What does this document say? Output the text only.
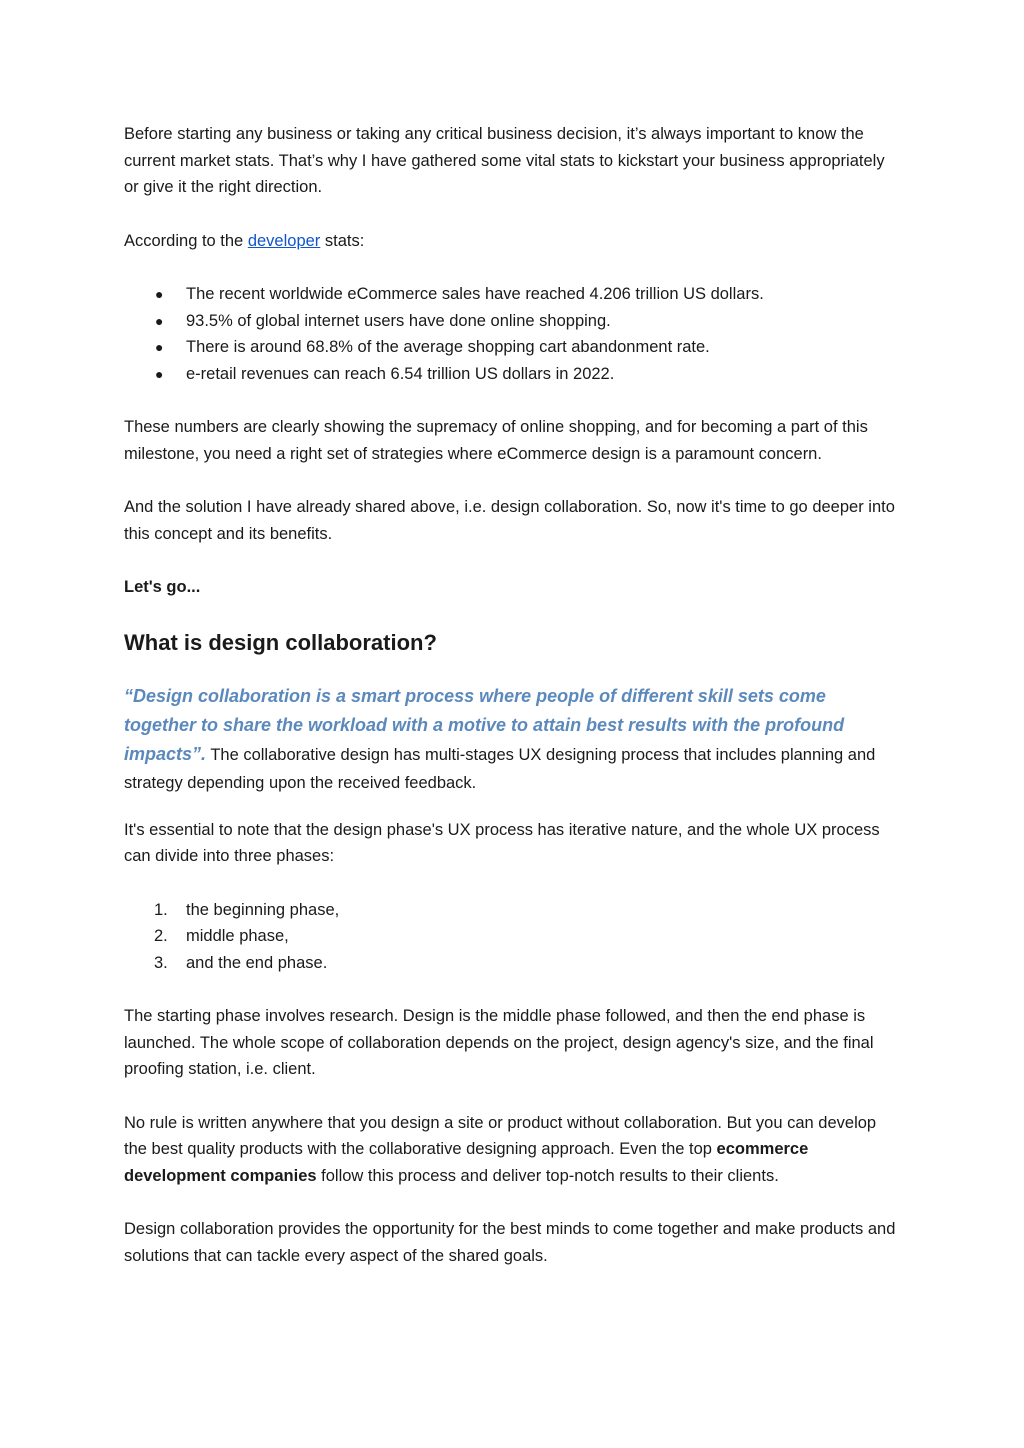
Before starting any business or taking any critical business decision, it’s always important to know the current market stats. That’s why I have gathered some vital stats to kickstart your business appropriately or give it the right direction.

According to the developer stats:

● The recent worldwide eCommerce sales have reached 4.206 trillion US dollars.
● 93.5% of global internet users have done online shopping.
● There is around 68.8% of the average shopping cart abandonment rate.
● e-retail revenues can reach 6.54 trillion US dollars in 2022.

These numbers are clearly showing the supremacy of online shopping, and for becoming a part of this milestone, you need a right set of strategies where eCommerce design is a paramount concern.

And the solution I have already shared above, i.e. design collaboration. So, now it's time to go deeper into this concept and its benefits.

Let's go...

What is design collaboration?

“Design collaboration is a smart process where people of different skill sets come together to share the workload with a motive to attain best results with the profound impacts”. The collaborative design has multi-stages UX designing process that includes planning and strategy depending upon the received feedback.

It's essential to note that the design phase's UX process has iterative nature, and the whole UX process can divide into three phases:

1. the beginning phase,
2. middle phase,
3. and the end phase.

The starting phase involves research. Design is the middle phase followed, and then the end phase is launched. The whole scope of collaboration depends on the project, design agency's size, and the final proofing station, i.e. client.

No rule is written anywhere that you design a site or product without collaboration. But you can develop the best quality products with the collaborative designing approach. Even the top ecommerce development companies follow this process and deliver top-notch results to their clients.

Design collaboration provides the opportunity for the best minds to come together and make products and solutions that can tackle every aspect of the shared goals.
